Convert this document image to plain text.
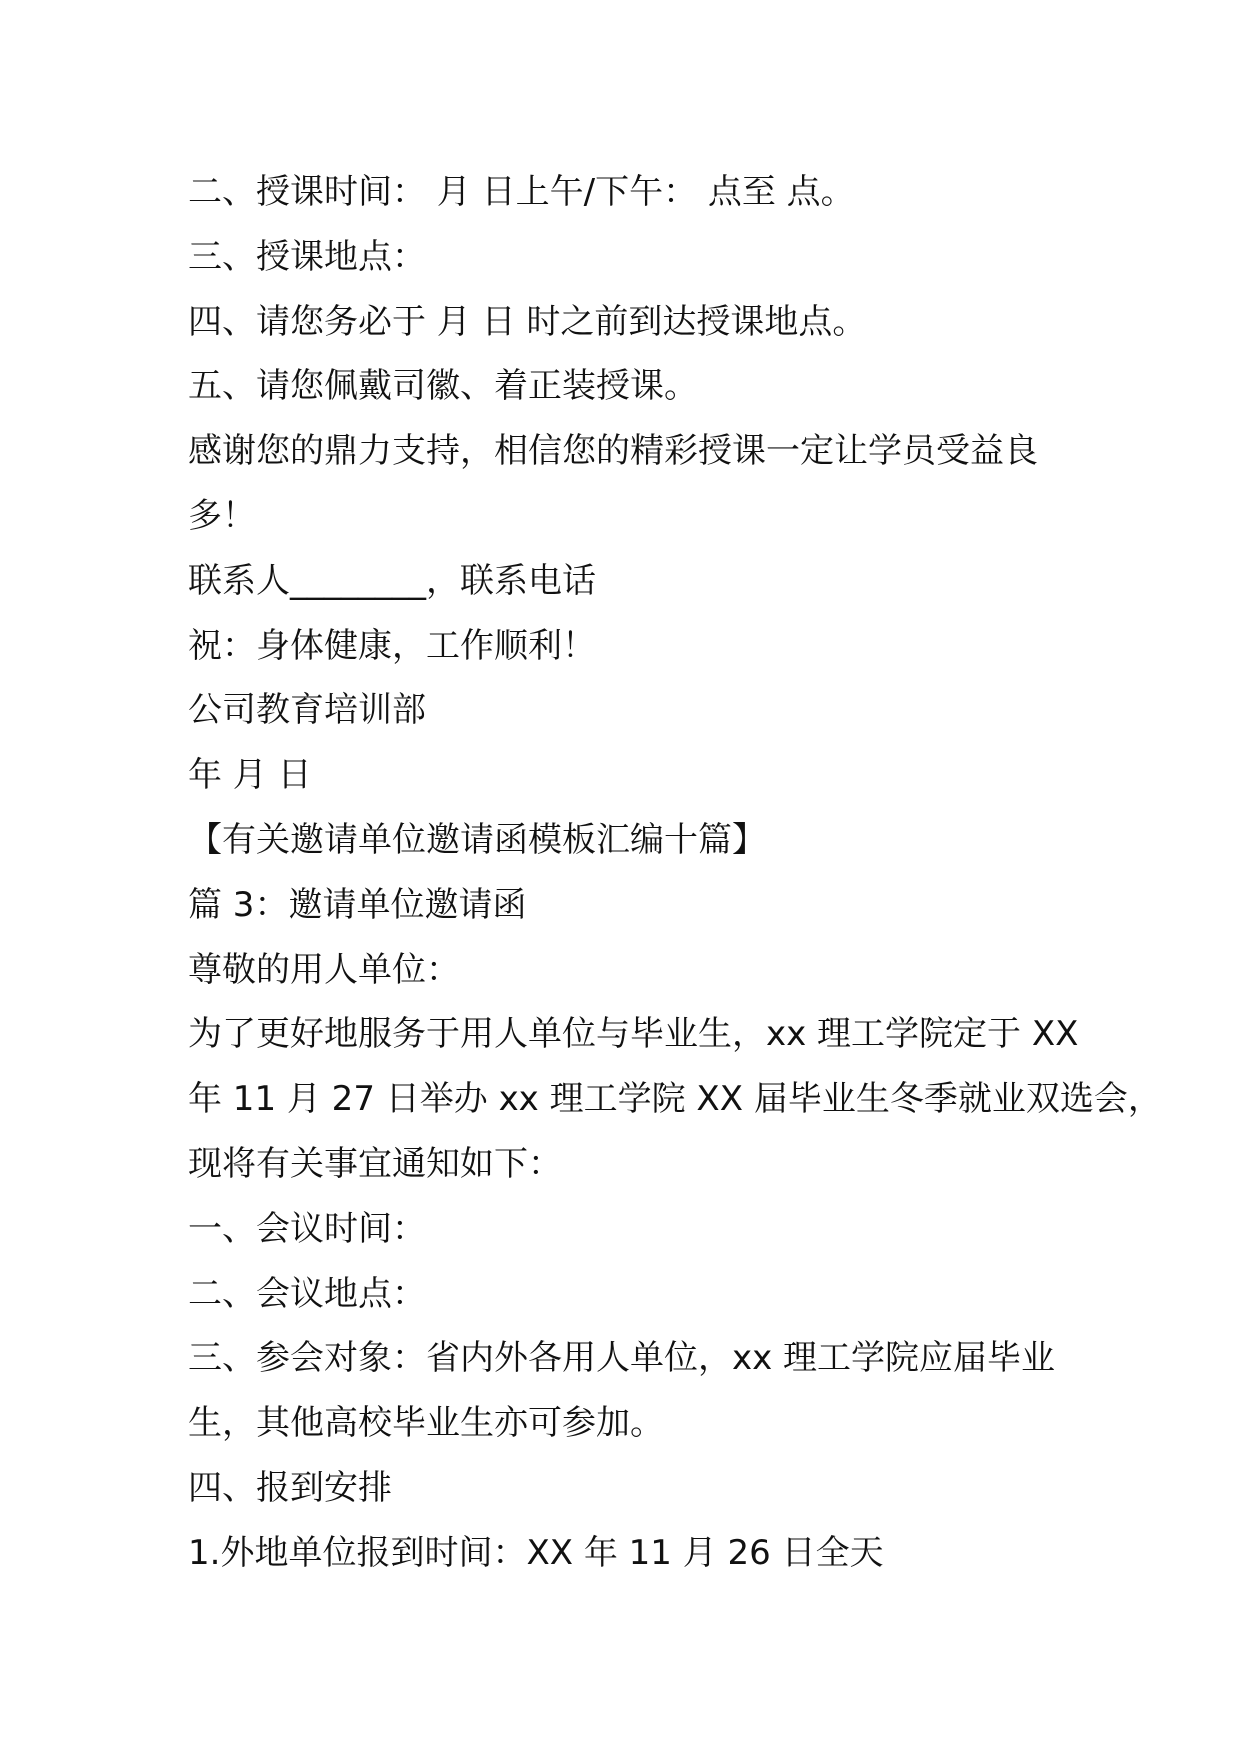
二、授课时间： 月 日上午/下午： 点至 点。
三、授课地点：
四、请您务必于 月 日 时之前到达授课地点。
五、请您佩戴司徽、着正装授课。
感谢您的鼎力支持，相信您的精彩授课一定让学员受益良
多！
联系人________，联系电话
祝：身体健康，工作顺利！
公司教育培训部
年 月 日
【有关邀请单位邀请函模板汇编十篇】
篇 3：邀请单位邀请函
尊敬的用人单位：
为了更好地服务于用人单位与毕业生，xx 理工学院定于 XX
年 11 月 27 日举办 xx 理工学院 XX 届毕业生冬季就业双选会，
现将有关事宜通知如下：
一、会议时间：
二、会议地点：
三、参会对象：省内外各用人单位，xx 理工学院应届毕业
生，其他高校毕业生亦可参加。
四、报到安排
1.外地单位报到时间：XX 年 11 月 26 日全天
